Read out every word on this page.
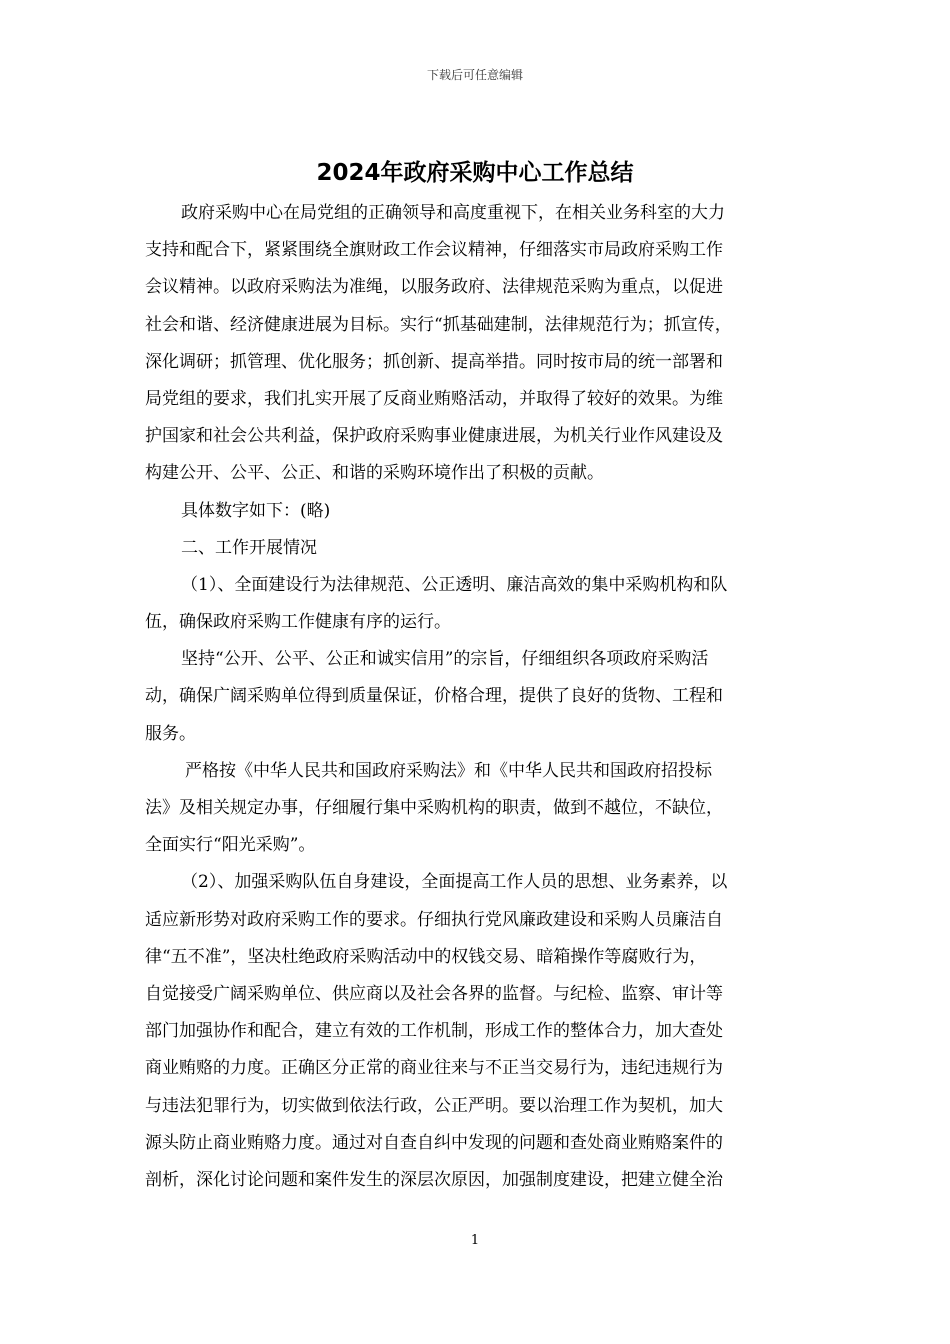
下载后可任意编辑
2024年政府采购中心工作总结
政府采购中心在局党组的正确领导和高度重视下，在相关业务科室的大力
支持和配合下，紧紧围绕全旗财政工作会议精神，仔细落实市局政府采购工作
会议精神。以政府采购法为准绳，以服务政府、法律规范采购为重点，以促进
社会和谐、经济健康进展为目标。实行“抓基础建制，法律规范行为；抓宣传，
深化调研；抓管理、优化服务；抓创新、提高举措。同时按市局的统一部署和
局党组的要求，我们扎实开展了反商业贿赂活动，并取得了较好的效果。为维
护国家和社会公共利益，保护政府采购事业健康进展，为机关行业作风建设及
构建公开、公平、公正、和谐的采购环境作出了积极的贡献。
具体数字如下：(略)
二、工作开展情况
（1）、全面建设行为法律规范、公正透明、廉洁高效的集中采购机构和队
伍，确保政府采购工作健康有序的运行。
坚持“公开、公平、公正和诚实信用”的宗旨，仔细组织各项政府采购活
动，确保广阔采购单位得到质量保证，价格合理，提供了良好的货物、工程和
服务。
严格按《中华人民共和国政府采购法》和《中华人民共和国政府招投标
法》及相关规定办事，仔细履行集中采购机构的职责，做到不越位，不缺位，
全面实行“阳光采购”。
（2）、加强采购队伍自身建设，全面提高工作人员的思想、业务素养，以
适应新形势对政府采购工作的要求。仔细执行党风廉政建设和采购人员廉洁自
律“五不准”，坚决杜绝政府采购活动中的权钱交易、暗箱操作等腐败行为，
自觉接受广阔采购单位、供应商以及社会各界的监督。与纪检、监察、审计等
部门加强协作和配合，建立有效的工作机制，形成工作的整体合力，加大查处
商业贿赂的力度。正确区分正常的商业往来与不正当交易行为，违纪违规行为
与违法犯罪行为，切实做到依法行政，公正严明。要以治理工作为契机，加大
源头防止商业贿赂力度。通过对自查自纠中发现的问题和查处商业贿赂案件的
剖析，深化讨论问题和案件发生的深层次原因，加强制度建设，把建立健全治
1
